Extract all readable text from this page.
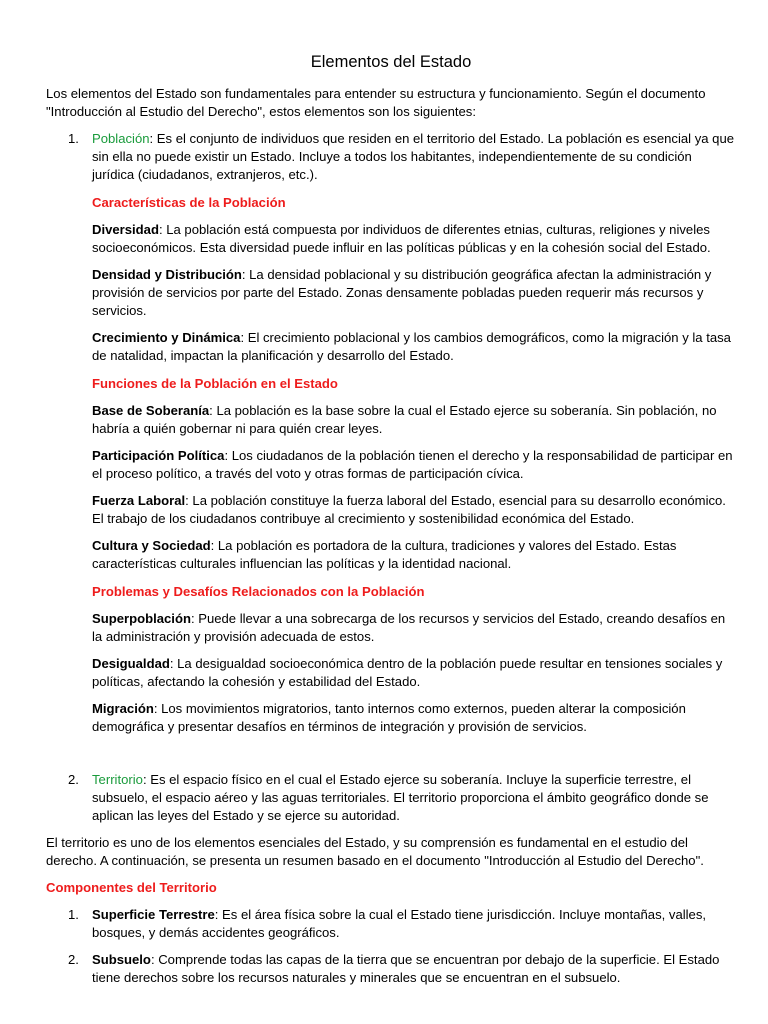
Elementos del Estado

Los elementos del Estado son fundamentales para entender su estructura y funcionamiento. Según el documento "Introducción al Estudio del Derecho", estos elementos son los siguientes:

1. Población: Es el conjunto de individuos que residen en el territorio del Estado. La población es esencial ya que sin ella no puede existir un Estado. Incluye a todos los habitantes, independientemente de su condición jurídica (ciudadanos, extranjeros, etc.).

Características de la Población

Diversidad: La población está compuesta por individuos de diferentes etnias, culturas, religiones y niveles socioeconómicos. Esta diversidad puede influir en las políticas públicas y en la cohesión social del Estado.

Densidad y Distribución: La densidad poblacional y su distribución geográfica afectan la administración y provisión de servicios por parte del Estado. Zonas densamente pobladas pueden requerir más recursos y servicios.

Crecimiento y Dinámica: El crecimiento poblacional y los cambios demográficos, como la migración y la tasa de natalidad, impactan la planificación y desarrollo del Estado.

Funciones de la Población en el Estado

Base de Soberanía: La población es la base sobre la cual el Estado ejerce su soberanía. Sin población, no habría a quién gobernar ni para quién crear leyes.

Participación Política: Los ciudadanos de la población tienen el derecho y la responsabilidad de participar en el proceso político, a través del voto y otras formas de participación cívica.

Fuerza Laboral: La población constituye la fuerza laboral del Estado, esencial para su desarrollo económico. El trabajo de los ciudadanos contribuye al crecimiento y sostenibilidad económica del Estado.

Cultura y Sociedad: La población es portadora de la cultura, tradiciones y valores del Estado. Estas características culturales influencian las políticas y la identidad nacional.

Problemas y Desafíos Relacionados con la Población

Superpoblación: Puede llevar a una sobrecarga de los recursos y servicios del Estado, creando desafíos en la administración y provisión adecuada de estos.

Desigualdad: La desigualdad socioeconómica dentro de la población puede resultar en tensiones sociales y políticas, afectando la cohesión y estabilidad del Estado.

Migración: Los movimientos migratorios, tanto internos como externos, pueden alterar la composición demográfica y presentar desafíos en términos de integración y provisión de servicios.

2. Territorio: Es el espacio físico en el cual el Estado ejerce su soberanía. Incluye la superficie terrestre, el subsuelo, el espacio aéreo y las aguas territoriales. El territorio proporciona el ámbito geográfico donde se aplican las leyes del Estado y se ejerce su autoridad.

El territorio es uno de los elementos esenciales del Estado, y su comprensión es fundamental en el estudio del derecho. A continuación, se presenta un resumen basado en el documento "Introducción al Estudio del Derecho".

Componentes del Territorio

1. Superficie Terrestre: Es el área física sobre la cual el Estado tiene jurisdicción. Incluye montañas, valles, bosques, y demás accidentes geográficos.
2. Subsuelo: Comprende todas las capas de la tierra que se encuentran por debajo de la superficie. El Estado tiene derechos sobre los recursos naturales y minerales que se encuentran en el subsuelo.
